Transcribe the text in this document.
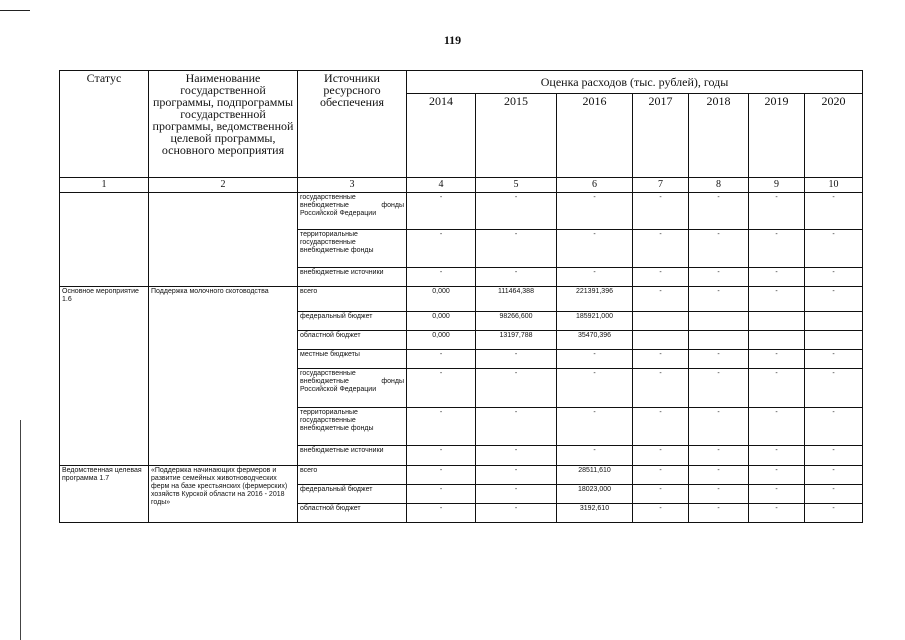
119
Статус	Наименование государственной программы, подпрограммы государственной программы, ведомственной целевой программы, основного мероприятия	Источники ресурсного обеспечения	Оценка расходов (тыс. рублей), годы						
			2014	2015	2016	2017	2018	2019	2020
1	2	3	4	5	6	7	8	9	10
		государственные внебюджетные фонды Российской Федерации	-	-	-	-	-	-	-
		территориальные государственные внебюджетные фонды	-	-	-	-	-	-	-
		внебюджетные источники	-	-	-	-	-	-	-
Основное мероприятие 1.6	Поддержка молочного скотоводства	всего	0,000	111464,388	221391,396	-	-	-	-
		федеральный бюджет	0,000	98266,600	185921,000				
		областной бюджет	0,000	13197,788	35470,396				
		местные бюджеты	-	-	-	-	-	-	-
		государственные внебюджетные фонды Российской Федерации	-	-	-	-	-	-	-
		территориальные государственные внебюджетные фонды	-	-	-	-	-	-	-
		внебюджетные источники	-	-	-	-	-	-	-
Ведомственная целевая программа 1.7	«Поддержка начинающих фермеров и развитие семейных животноводческих ферм на базе крестьянских (фермерских) хозяйств Курской области на 2016 - 2018 годы»	всего	-	-	28511,610	-	-	-	-
		федеральный бюджет	-	-	18023,000	-	-	-	-
		областной бюджет	-	-	3192,610	-	-	-	-
